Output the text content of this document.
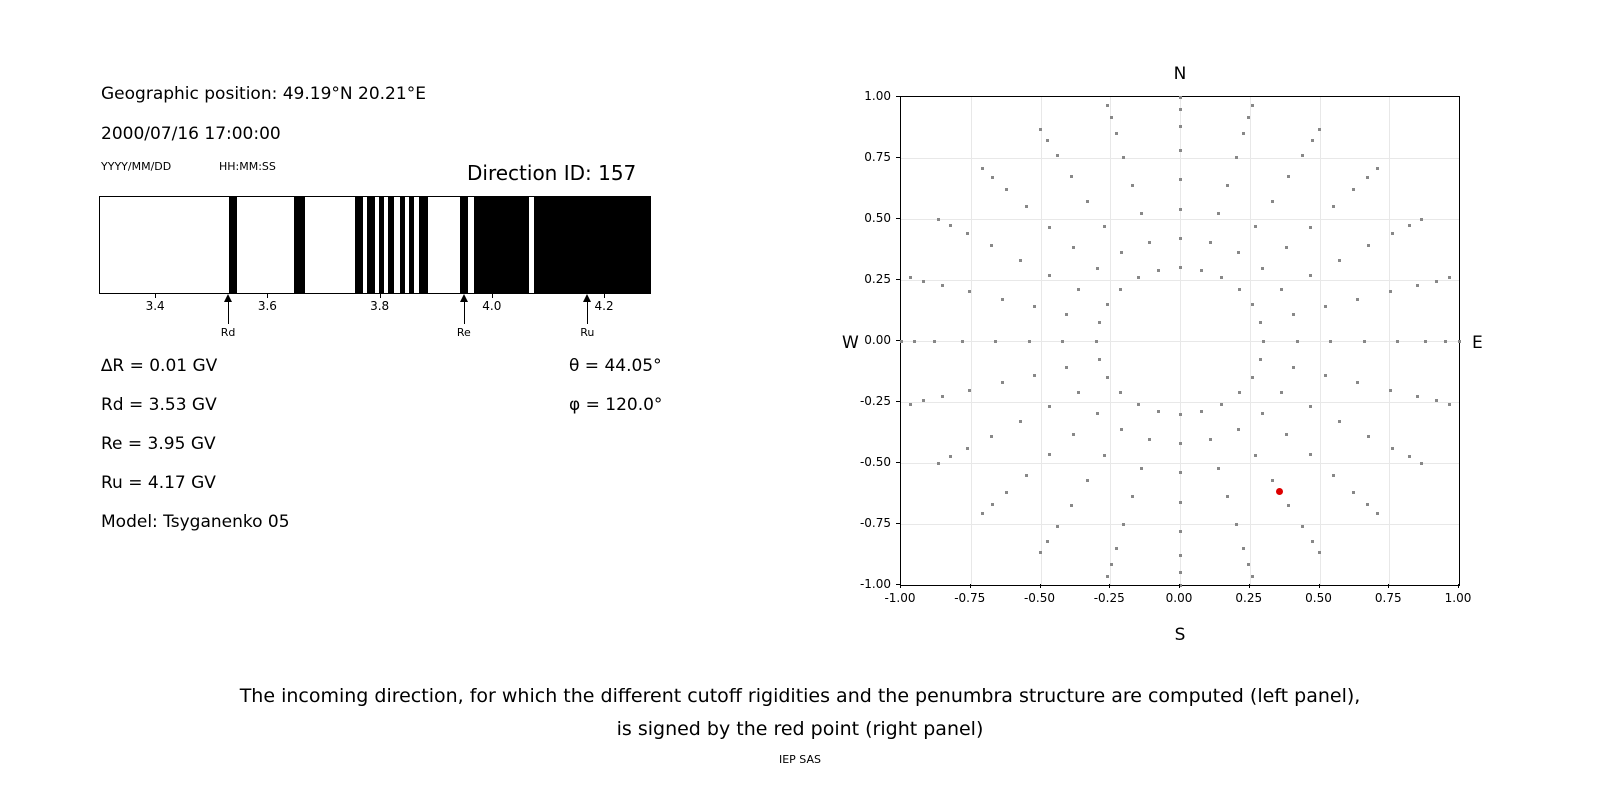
Geographic position: 49.19°N 20.21°E
2000/07/16 17:00:00
YYYY/MM/DD	HH:MM:SS	Direction ID: 157
3.4	3.6	3.8	4.0	4.2
Rd	Re	Ru
∆R = 0.01 GV
Rd = 3.53 GV
Re = 3.95 GV
Ru = 4.17 GV
Model: Tsyganenko 05
θ = 44.05°
φ = 120.0°
N
S
W	E
-1.00	-0.75	-0.50	-0.25	0.00	0.25	0.50	0.75	1.00
-1.00
-0.75
-0.50
-0.25
0.00
0.25
0.50
0.75
1.00
The incoming direction, for which the different cutoff rigidities and the penumbra structure are computed (left panel),
is signed by the red point (right panel)
IEP SAS
